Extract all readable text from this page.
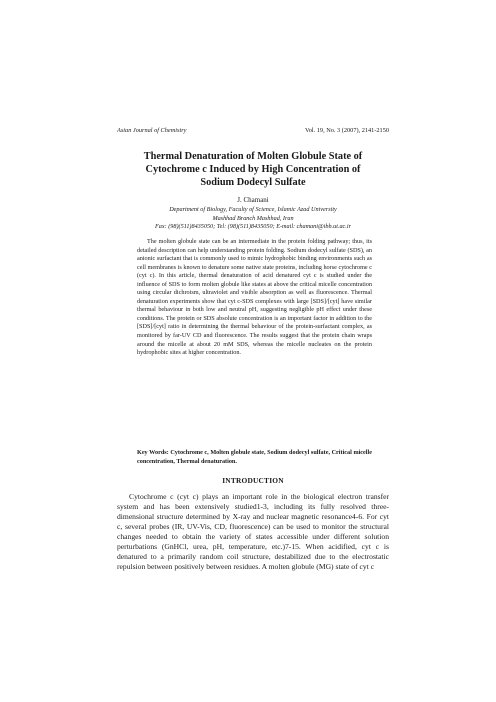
Asian Journal of Chemistry	Vol. 19, No. 3 (2007), 2141-2150
Thermal Denaturation of Molten Globule State of
Cytochrome c Induced by High Concentration of
Sodium Dodecyl Sulfate
J. Chamani
Department of Biology, Faculty of Science, Islamic Azad University
Mashhad Branch Mashhad, Iran
Fax: (98)(511)8435050; Tel: (98)(511)8435050; E-mail: chamani@ibb.ut.ac.ir

The molten globule state can be an intermediate in the protein folding pathway; thus, its detailed description can help understanding protein folding. Sodium dodecyl sulfate (SDS), an anionic surfactant that is commonly used to mimic hydrophobic binding environments such as cell membranes is known to denature some native state proteins, including horse cytochrome c (cyt c). In this article, thermal denaturation of acid denatured cyt c is studied under the influence of SDS to form molten globule like states at above the critical micelle concentration using circular dichroism, ultraviolet and visible absorption as well as fluorescence. Thermal denaturation experiments show that cyt c-SDS complexes with large [SDS]/[cyt] have similar thermal behaviour in both low and neutral pH, suggesting negligible pH effect under these conditions. The protein or SDS absolute concentration is an important factor in addition to the [SDS]/[cyt] ratio in determining the thermal behaviour of the protein-surfactant complex, as monitored by far-UV CD and fluorescence. The results suggest that the protein chain wraps around the micelle at about 20 mM SDS, whereas the micelle nucleates on the protein hydrophobic sites at higher concentration.

Key Words: Cytochrome c, Molten globule state, Sodium dodecyl sulfate, Critical micelle concentration, Thermal denaturation.

INTRODUCTION

Cytochrome c (cyt c) plays an important role in the biological electron transfer system and has been extensively studied1-3, including its fully resolved three-dimensional structure determined by X-ray and nuclear magnetic resonance4-6. For cyt c, several probes (IR, UV-Vis, CD, fluorescence) can be used to monitor the structural changes needed to obtain the variety of states accessible under different solution perturbations (GnHCl, urea, pH, temperature, etc.)7-15. When acidified, cyt c is denatured to a primarily random coil structure, destabilized due to the electrostatic repulsion between positively between residues. A molten globule (MG) state of cyt c
